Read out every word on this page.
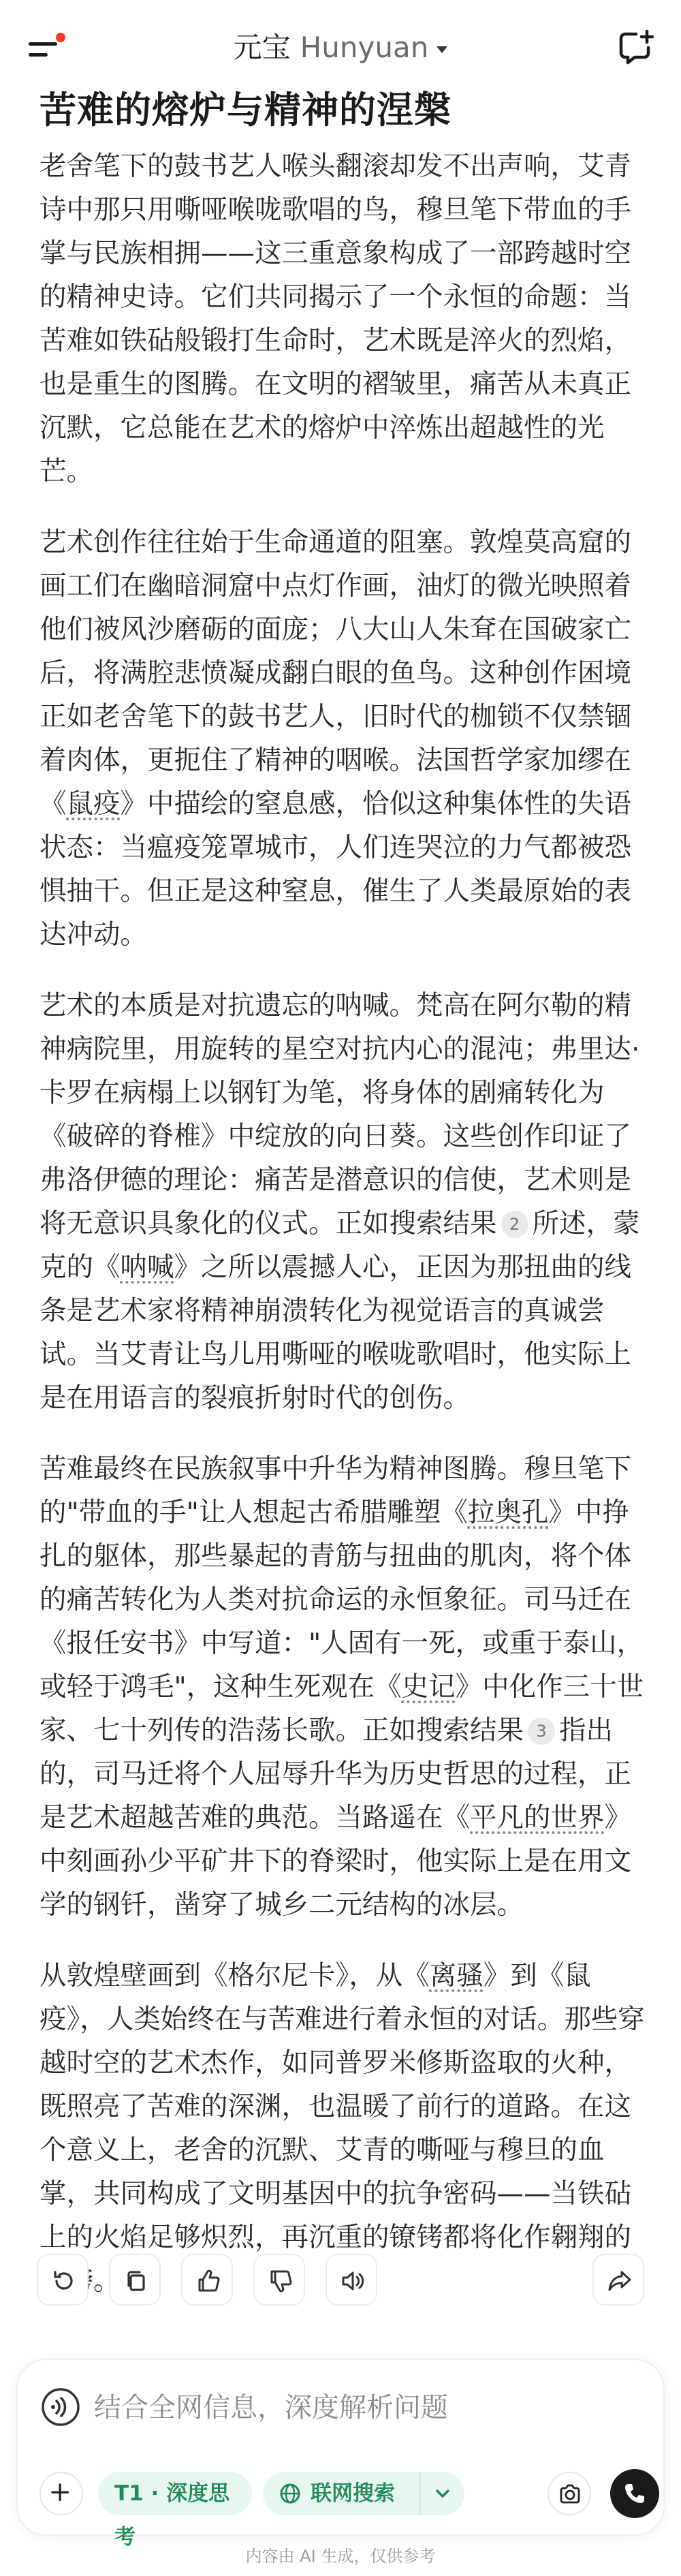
元宝 Hunyuan
苦难的熔炉与精神的涅槃

老舍笔下的鼓书艺人喉头翻滚却发不出声响，艾青诗中那只用嘶哑喉咙歌唱的鸟，穆旦笔下带血的手掌与民族相拥——这三重意象构成了一部跨越时空的精神史诗。它们共同揭示了一个永恒的命题：当苦难如铁砧般锻打生命时，艺术既是淬火的烈焰，也是重生的图腾。在文明的褶皱里，痛苦从未真正沉默，它总能在艺术的熔炉中淬炼出超越性的光芒。

艺术创作往往始于生命通道的阻塞。敦煌莫高窟的画工们在幽暗洞窟中点灯作画，油灯的微光映照着他们被风沙磨砺的面庞；八大山人朱耷在国破家亡后，将满腔悲愤凝成翻白眼的鱼鸟。这种创作困境正如老舍笔下的鼓书艺人，旧时代的枷锁不仅禁锢着肉体，更扼住了精神的咽喉。法国哲学家加缪在《鼠疫》中描绘的窒息感，恰似这种集体性的失语状态：当瘟疫笼罩城市，人们连哭泣的力气都被恐惧抽干。但正是这种窒息，催生了人类最原始的表达冲动。

艺术的本质是对抗遗忘的呐喊。梵高在阿尔勒的精神病院里，用旋转的星空对抗内心的混沌；弗里达·卡罗在病榻上以钢钉为笔，将身体的剧痛转化为《破碎的脊椎》中绽放的向日葵。这些创作印证了弗洛伊德的理论：痛苦是潜意识的信使，艺术则是将无意识具象化的仪式。正如搜索结果 2 所述，蒙克的《呐喊》之所以震撼人心，正因为那扭曲的线条是艺术家将精神崩溃转化为视觉语言的真诚尝试。当艾青让鸟儿用嘶哑的喉咙歌唱时，他实际上是在用语言的裂痕折射时代的创伤。

苦难最终在民族叙事中升华为精神图腾。穆旦笔下的"带血的手"让人想起古希腊雕塑《拉奥孔》中挣扎的躯体，那些暴起的青筋与扭曲的肌肉，将个体的痛苦转化为人类对抗命运的永恒象征。司马迁在《报任安书》中写道："人固有一死，或重于泰山，或轻于鸿毛"，这种生死观在《史记》中化作三十世家、七十列传的浩荡长歌。正如搜索结果 3 指出的，司马迁将个人屈辱升华为历史哲思的过程，正是艺术超越苦难的典范。当路遥在《平凡的世界》中刻画孙少平矿井下的脊梁时，他实际上是在用文学的钢钎，凿穿了城乡二元结构的冰层。

从敦煌壁画到《格尔尼卡》，从《离骚》到《鼠疫》，人类始终在与苦难进行着永恒的对话。那些穿越时空的艺术杰作，如同普罗米修斯盗取的火种，既照亮了苦难的深渊，也温暖了前行的道路。在这个意义上，老舍的沉默、艾青的嘶哑与穆旦的血掌，共同构成了文明基因中的抗争密码——当铁砧上的火焰足够炽烈，再沉重的镣铐都将化作翱翔的 膀。

结合全网信息，深度解析问题
T1 · 深度思考
联网搜索
内容由 AI 生成，仅供参考
